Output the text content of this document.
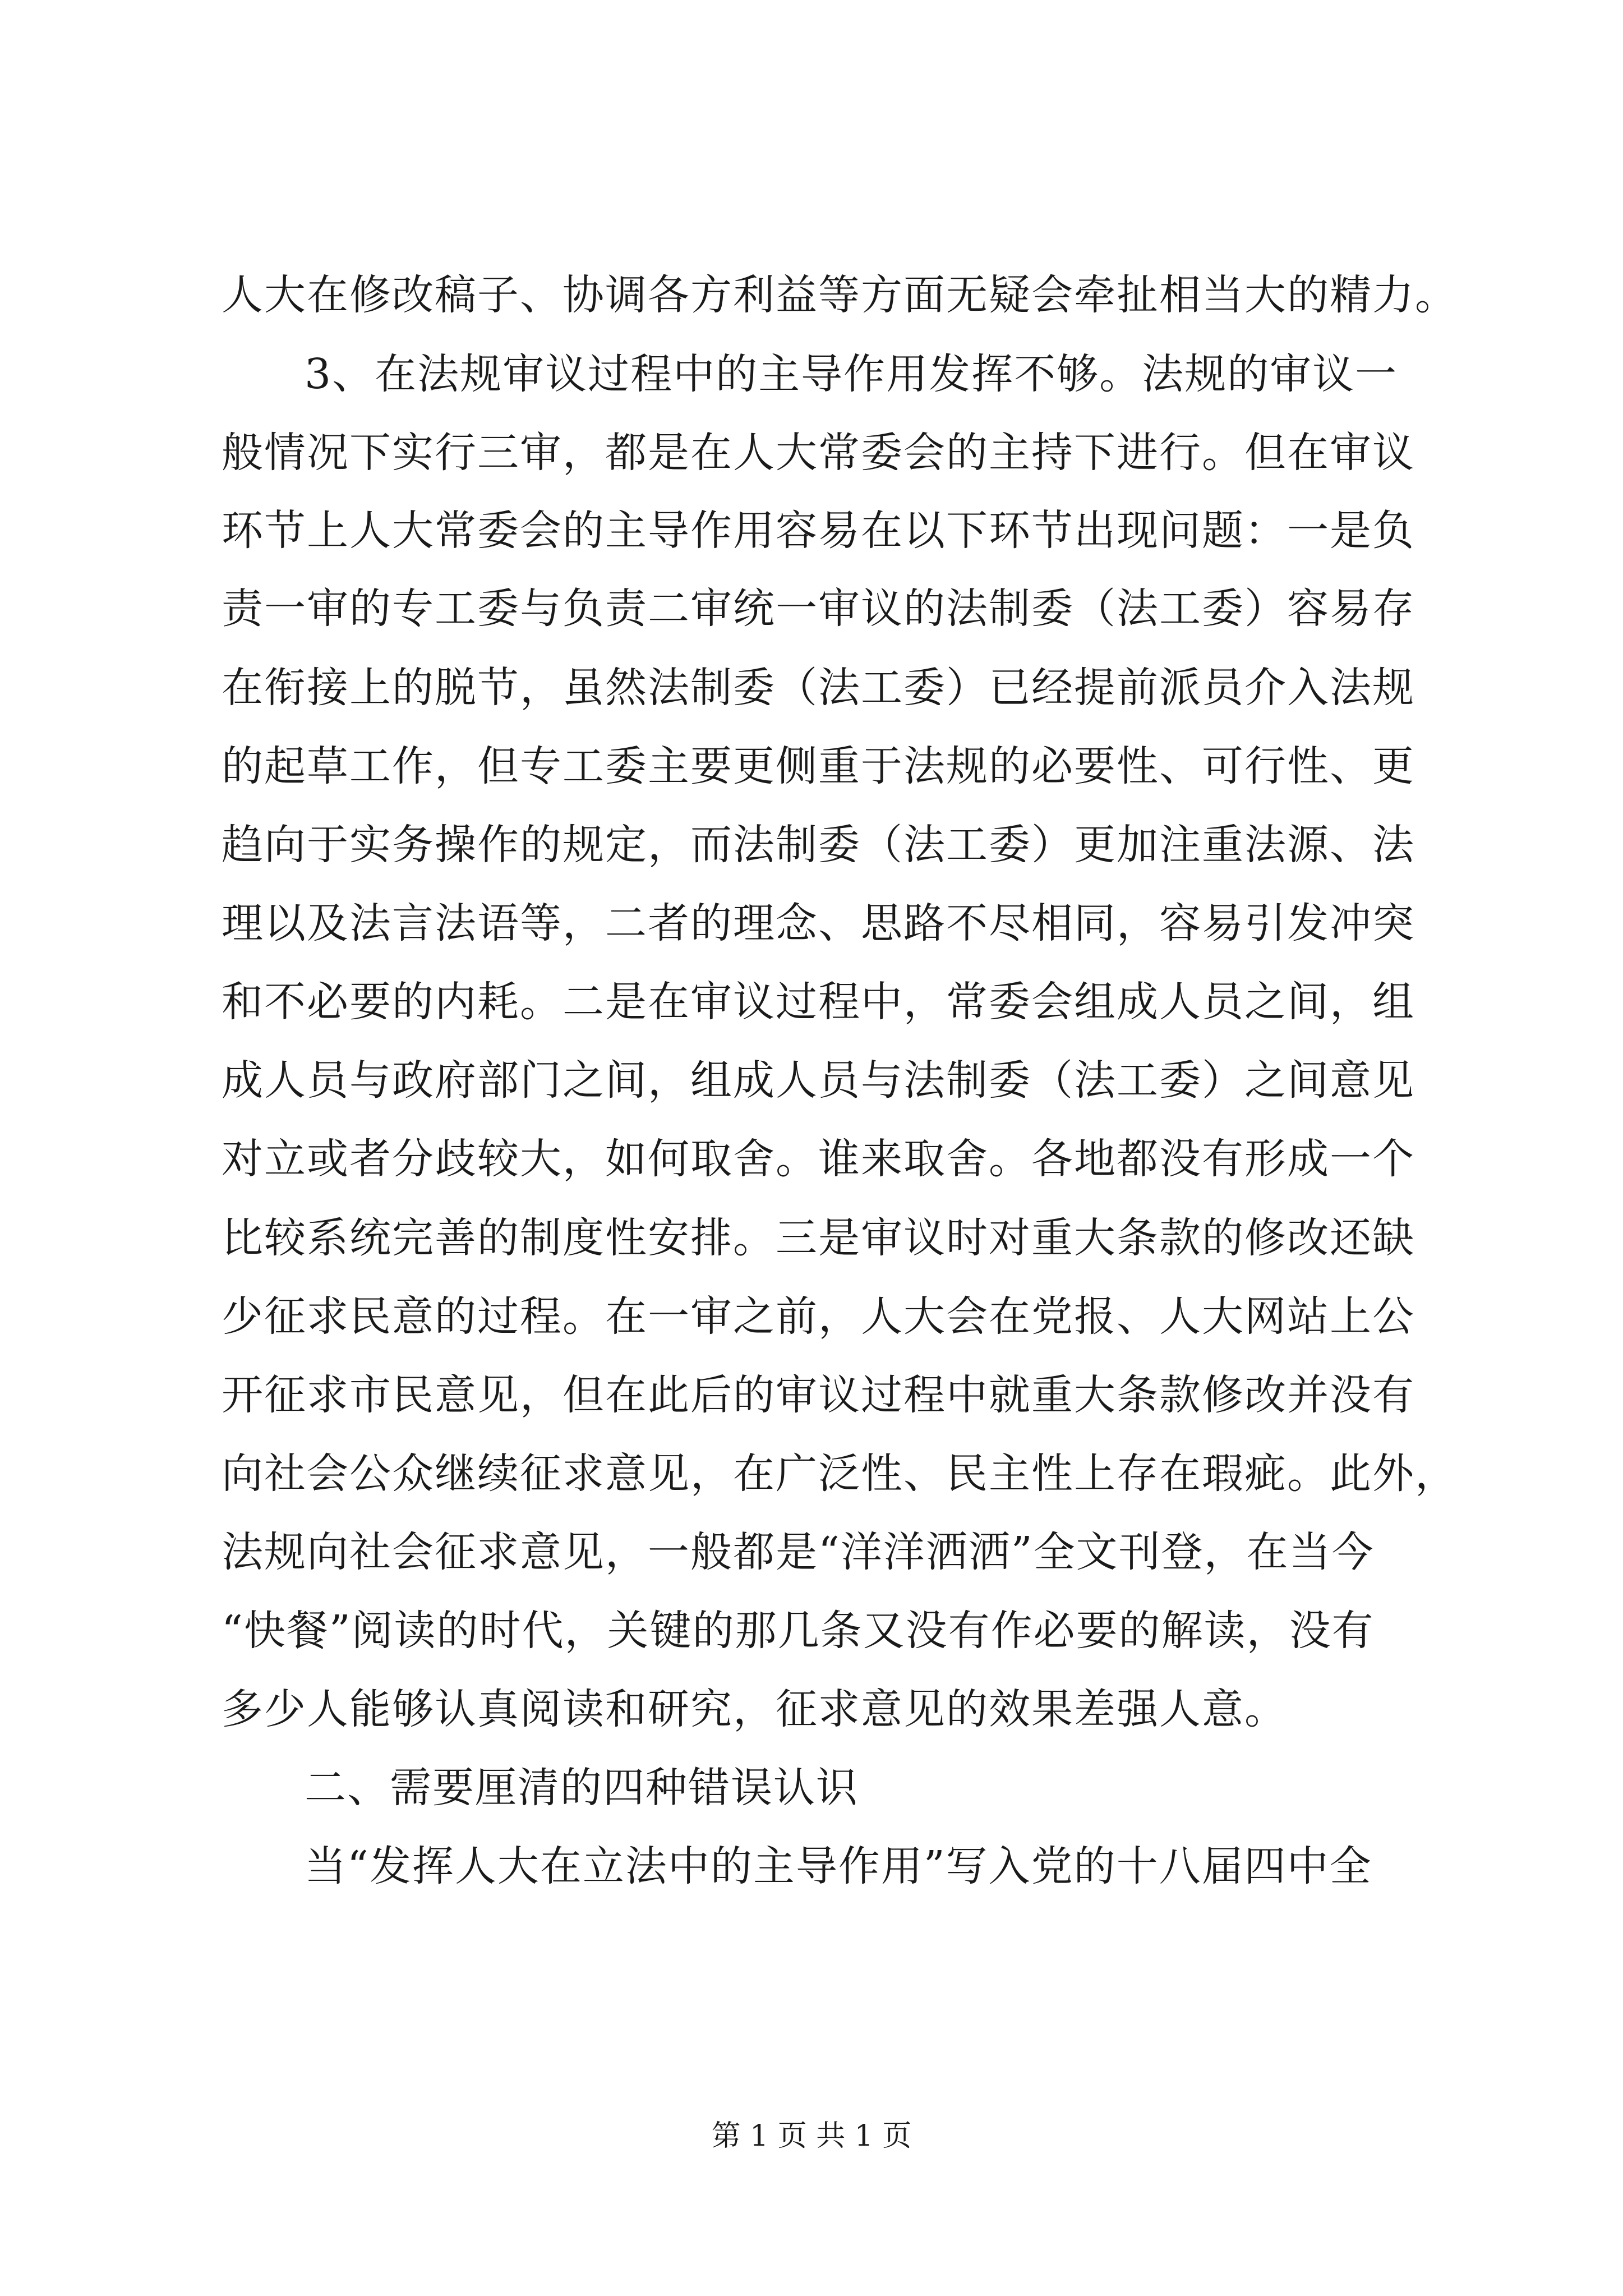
人大在修改稿子、协调各方利益等方面无疑会牵扯相当大的精力。
3、在法规审议过程中的主导作用发挥不够。法规的审议一
般情况下实行三审，都是在人大常委会的主持下进行。但在审议
环节上人大常委会的主导作用容易在以下环节出现问题：一是负
责一审的专工委与负责二审统一审议的法制委（法工委）容易存
在衔接上的脱节，虽然法制委（法工委）已经提前派员介入法规
的起草工作，但专工委主要更侧重于法规的必要性、可行性、更
趋向于实务操作的规定，而法制委（法工委）更加注重法源、法
理以及法言法语等，二者的理念、思路不尽相同，容易引发冲突
和不必要的内耗。二是在审议过程中，常委会组成人员之间，组
成人员与政府部门之间，组成人员与法制委（法工委）之间意见
对立或者分歧较大，如何取舍。谁来取舍。各地都没有形成一个
比较系统完善的制度性安排。三是审议时对重大条款的修改还缺
少征求民意的过程。在一审之前，人大会在党报、人大网站上公
开征求市民意见，但在此后的审议过程中就重大条款修改并没有
向社会公众继续征求意见，在广泛性、民主性上存在瑕疵。此外，
法规向社会征求意见，一般都是“洋洋洒洒”全文刊登，在当今
“快餐”阅读的时代，关键的那几条又没有作必要的解读，没有
多少人能够认真阅读和研究，征求意见的效果差强人意。
二、需要厘清的四种错误认识
当“发挥人大在立法中的主导作用”写入党的十八届四中全
第 1 页 共 1 页
